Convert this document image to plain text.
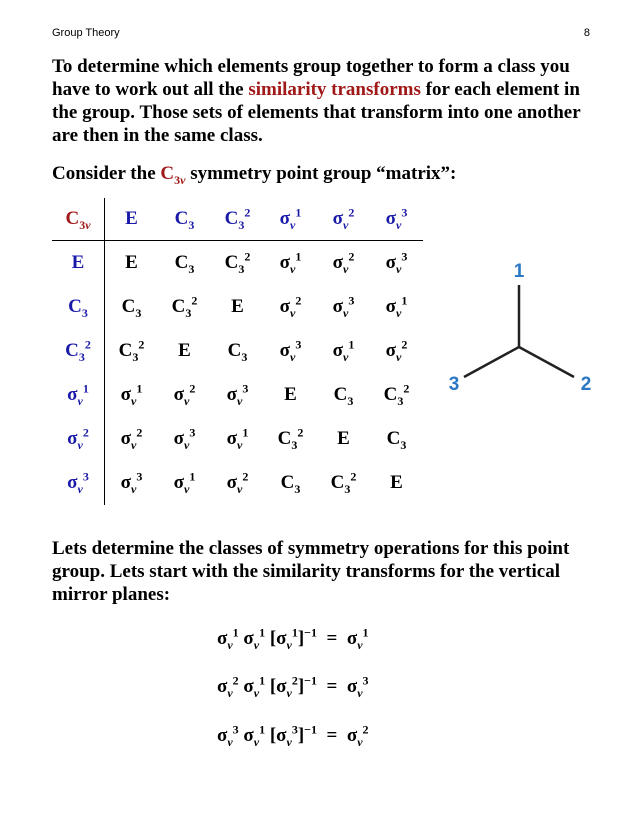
Group Theory	8
To determine which elements group together to form a class you have to work out all the similarity transforms for each element in the group. Those sets of elements that transform into one another are then in the same class.
Consider the $C_{3v}$ symmetry point group “matrix”:
$C_{3v}$	E	$C_3$	$C_3^2$	$\sigma_v^1$	$\sigma_v^2$	$\sigma_v^3$
E	E	$C_3$	$C_3^2$	$\sigma_v^1$	$\sigma_v^2$	$\sigma_v^3$
$C_3$	$C_3$	$C_3^2$	E	$\sigma_v^2$	$\sigma_v^3$	$\sigma_v^1$
$C_3^2$	$C_3^2$	E	$C_3$	$\sigma_v^3$	$\sigma_v^1$	$\sigma_v^2$
$\sigma_v^1$	$\sigma_v^1$	$\sigma_v^2$	$\sigma_v^3$	E	$C_3$	$C_3^2$
$\sigma_v^2$	$\sigma_v^2$	$\sigma_v^3$	$\sigma_v^1$	$C_3^2$	E	$C_3$
$\sigma_v^3$	$\sigma_v^3$	$\sigma_v^1$	$\sigma_v^2$	$C_3$	$C_3^2$	E
1
2
3
Lets determine the classes of symmetry operations for this point group. Lets start with the similarity transforms for the vertical mirror planes:
$\sigma_v^1$ $\sigma_v^1$ $[\sigma_v^1]^{-1} = \sigma_v^1$
$\sigma_v^2$ $\sigma_v^1$ $[\sigma_v^2]^{-1} = \sigma_v^3$
$\sigma_v^3$ $\sigma_v^1$ $[\sigma_v^3]^{-1} = \sigma_v^2$
